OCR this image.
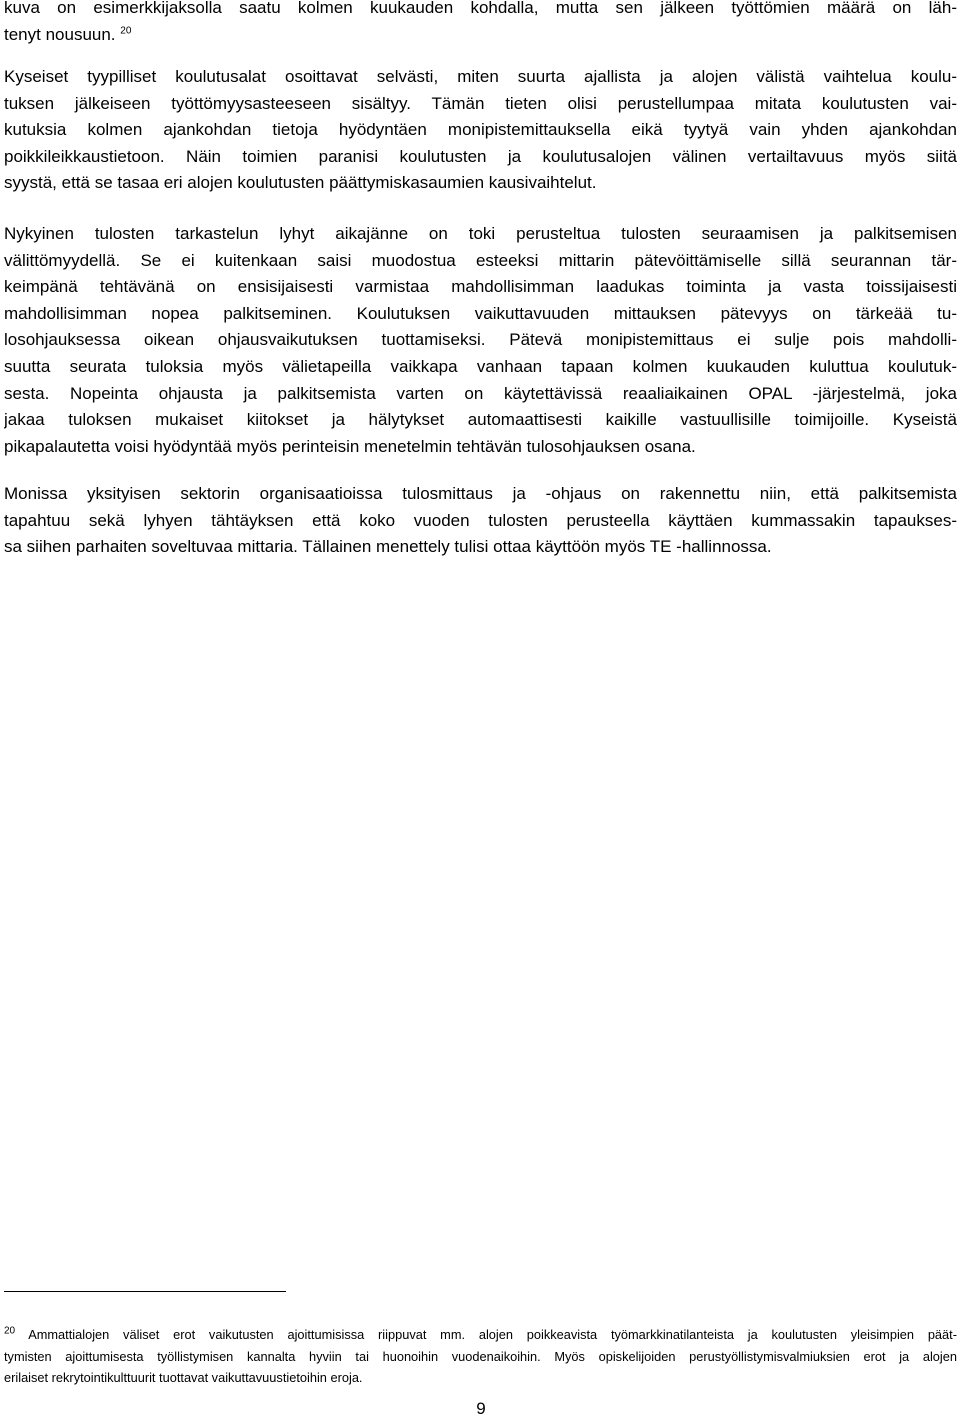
kuva on esimerkkijaksolla saatu kolmen kuukauden kohdalla, mutta sen jälkeen työttömien määrä on läh-
tenyt nousuun. $^{20}$

Kyseiset tyypilliset koulutusalat osoittavat selvästi, miten suurta ajallista ja alojen välistä vaihtelua koulu-
tuksen jälkeiseen työttömyysasteeseen sisältyy. Tämän tieten olisi perustellumpaa mitata koulutusten vai-
kutuksia kolmen ajankohdan tietoja hyödyntäen monipistemittauksella eikä tyytyä vain yhden ajankohdan
poikkileikkaustietoon. Näin toimien paranisi koulutusten ja koulutusalojen välinen vertailtavuus myös siitä
syystä, että se tasaa eri alojen koulutusten päättymiskasaumien kausivaihtelut.

Nykyinen tulosten tarkastelun lyhyt aikajänne on toki perusteltua tulosten seuraamisen ja palkitsemisen
välittömyydellä. Se ei kuitenkaan saisi muodostua esteeksi mittarin pätevöittämiselle sillä seurannan tär-
keimpänä tehtävänä on ensisijaisesti varmistaa mahdollisimman laadukas toiminta ja vasta toissijaisesti
mahdollisimman nopea palkitseminen. Koulutuksen vaikuttavuuden mittauksen pätevyys on tärkeää tu-
losohjauksessa oikean ohjausvaikutuksen tuottamiseksi. Pätevä monipistemittaus ei sulje pois mahdolli-
suutta seurata tuloksia myös välietapeilla vaikkapa vanhaan tapaan kolmen kuukauden kuluttua koulutuk-
sesta. Nopeinta ohjausta ja palkitsemista varten on käytettävissä reaaliaikainen OPAL -järjestelmä, joka
jakaa tuloksen mukaiset kiitokset ja hälytykset automaattisesti kaikille vastuullisille toimijoille. Kyseistä
pikapalautetta voisi hyödyntää myös perinteisin menetelmin tehtävän tulosohjauksen osana.

Monissa yksityisen sektorin organisaatioissa tulosmittaus ja -ohjaus on rakennettu niin, että palkitsemista
tapahtuu sekä lyhyen tähtäyksen että koko vuoden tulosten perusteella käyttäen kummassakin tapaukses-
sa siihen parhaiten soveltuvaa mittaria. Tällainen menettely tulisi ottaa käyttöön myös TE -hallinnossa.

$^{20}$ Ammattialojen väliset erot vaikutusten ajoittumisissa riippuvat mm. alojen poikkeavista työmarkkinatilanteista ja koulutusten yleisimpien päät-
tymisten ajoittumisesta työllistymisen kannalta hyviin tai huonoihin vuodenaikoihin. Myös opiskelijoiden perustyöllistymisvalmiuksien erot ja alojen
erilaiset rekrytointikulttuurit tuottavat vaikuttavuustietoihin eroja.

9
